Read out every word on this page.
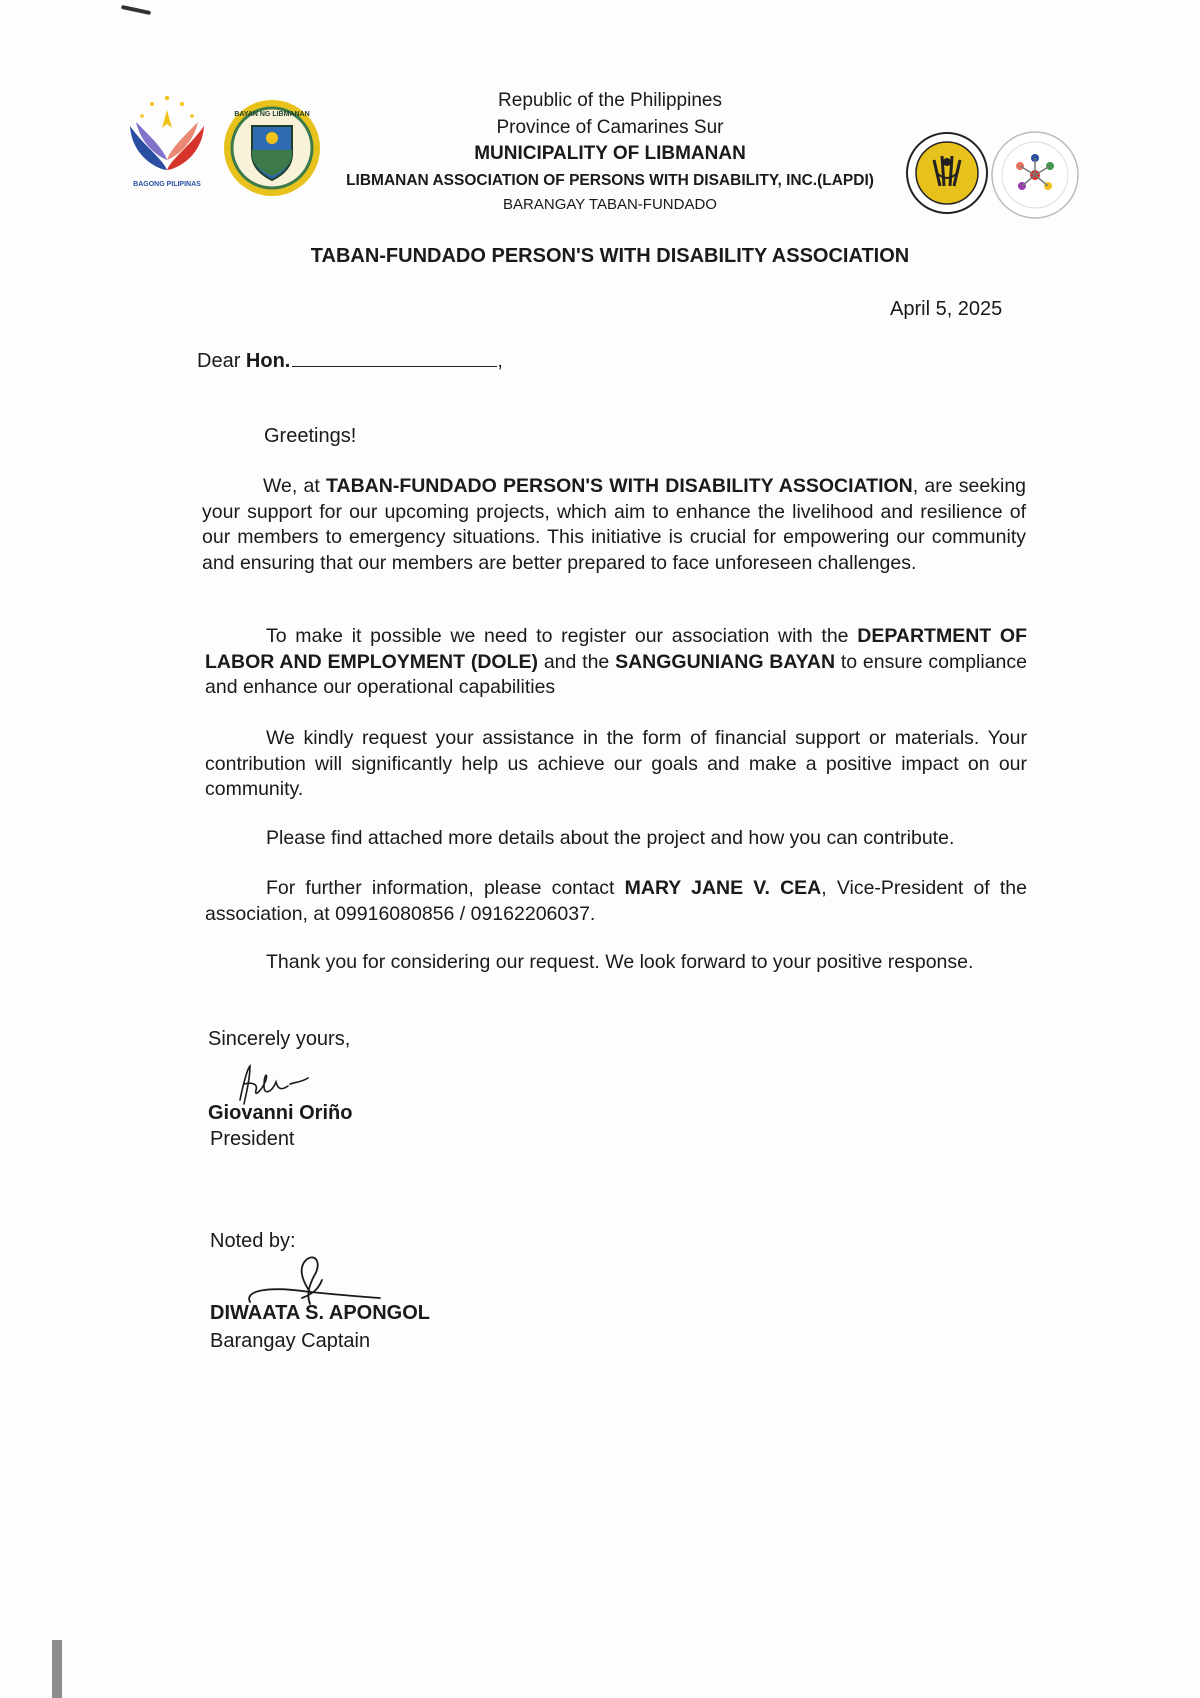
BAGONG PILIPINAS
BAYAN NG LIBMANAN
Republic of the Philippines
Province of Camarines Sur
MUNICIPALITY OF LIBMANAN
LIBMANAN ASSOCIATION OF PERSONS WITH DISABILITY, INC.(LAPDI)
BARANGAY TABAN-FUNDADO
TABAN-FUNDADO PERSON'S WITH DISABILITY ASSOCIATION
April 5, 2025
Dear Hon.	,
Greetings!
We, at TABAN-FUNDADO PERSON'S WITH DISABILITY ASSOCIATION, are seeking your support for our upcoming projects, which aim to enhance the livelihood and resilience of our members to emergency situations. This initiative is crucial for empowering our community and ensuring that our members are better prepared to face unforeseen challenges.
To make it possible we need to register our association with the DEPARTMENT OF LABOR AND EMPLOYMENT (DOLE) and the SANGGUNIANG BAYAN to ensure compliance and enhance our operational capabilities
We kindly request your assistance in the form of financial support or materials. Your contribution will significantly help us achieve our goals and make a positive impact on our community.
Please find attached more details about the project and how you can contribute.
For further information, please contact MARY JANE V. CEA, Vice-President of the association, at 09916080856 / 09162206037.
Thank you for considering our request. We look forward to your positive response.
Sincerely yours,
Giovanni Oriño
President
Noted by:
DIWAATA S. APONGOL
Barangay Captain
